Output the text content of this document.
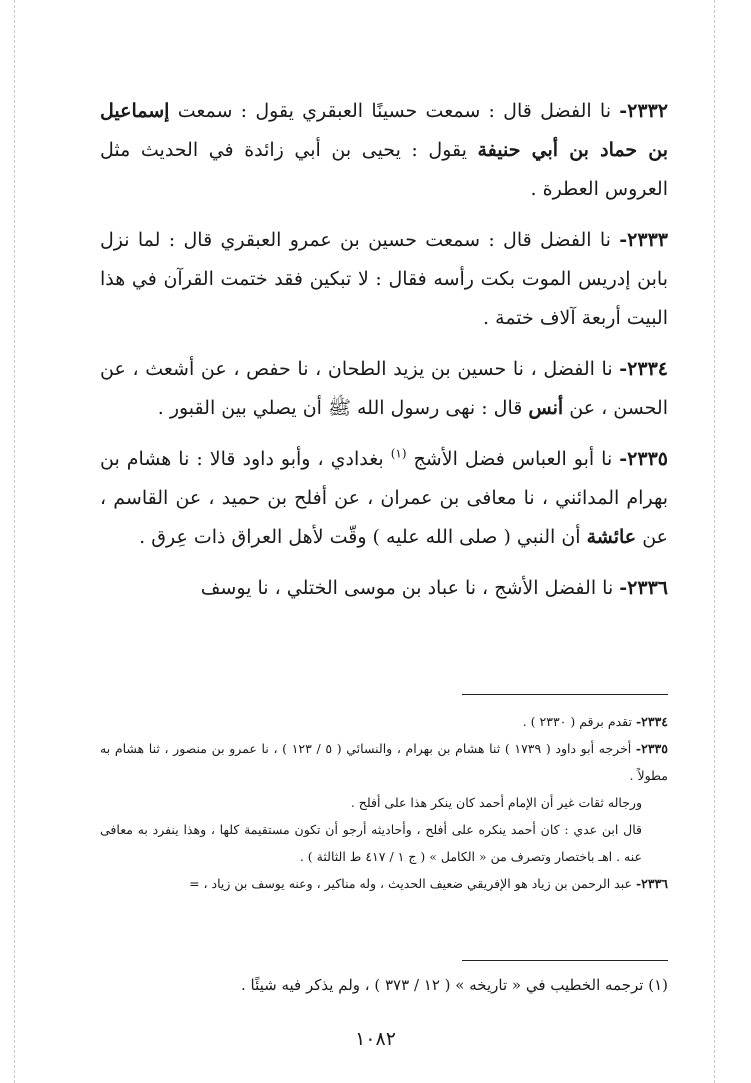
٢٣٣٢- نا الفضل قال : سمعت حسينًا العبقري يقول : سمعت إسماعيل بن حماد بن أبي حنيفة يقول : يحيى بن أبي زائدة في الحديث مثل العروس العطرة .

٢٣٣٣- نا الفضل قال : سمعت حسين بن عمرو العبقري قال : لما نزل بابن إدريس الموت بكت رأسه فقال : لا تبكين فقد ختمت القرآن في هذا البيت أربعة آلاف ختمة .

٢٣٣٤- نا الفضل ، نا حسين بن يزيد الطحان ، نا حفص ، عن أشعث ، عن الحسن ، عن أنس قال : نهى رسول الله ﷺ أن يصلي بين القبور .

٢٣٣٥- نا أبو العباس فضل الأشج $^{(١)}$ بغدادي ، وأبو داود قالا : نا هشام بن بهرام المدائني ، نا معافى بن عمران ، عن أفلح بن حميد ، عن القاسم ، عن عائشة أن النبي ( صلى الله عليه ) وقّت لأهل العراق ذات عِرق .

٢٣٣٦- نا الفضل الأشج ، نا عباد بن موسى الختلي ، نا يوسف

٢٣٣٤- تقدم برقم ( ٢٣٣٠ ) .

٢٣٣٥- أخرجه أبو داود ( ١٧٣٩ ) ثنا هشام بن بهرام ، والنسائي ( ٥ / ١٢٣ ) ، نا عمرو بن منصور ، ثنا هشام به مطولاً .

ورجاله ثقات غير أن الإمام أحمد كان ينكر هذا على أفلح .

قال ابن عدي : كان أحمد ينكره على أفلح ، وأحاديثه أرجو أن تكون مستقيمة كلها ، وهذا ينفرد به معافى عنه . اهـ باختصار وتصرف من « الكامل » ( ج ١ / ٤١٧ ط الثالثة ) .

٢٣٣٦- عبد الرحمن بن زياد هو الإفريقي ضعيف الحديث ، وله مناكير ، وعنه يوسف بن زياد ، =

(١) ترجمه الخطيب في « تاريخه » ( ١٢ / ٣٧٣ ) ، ولم يذكر فيه شيئًا .
١٠٨٢
